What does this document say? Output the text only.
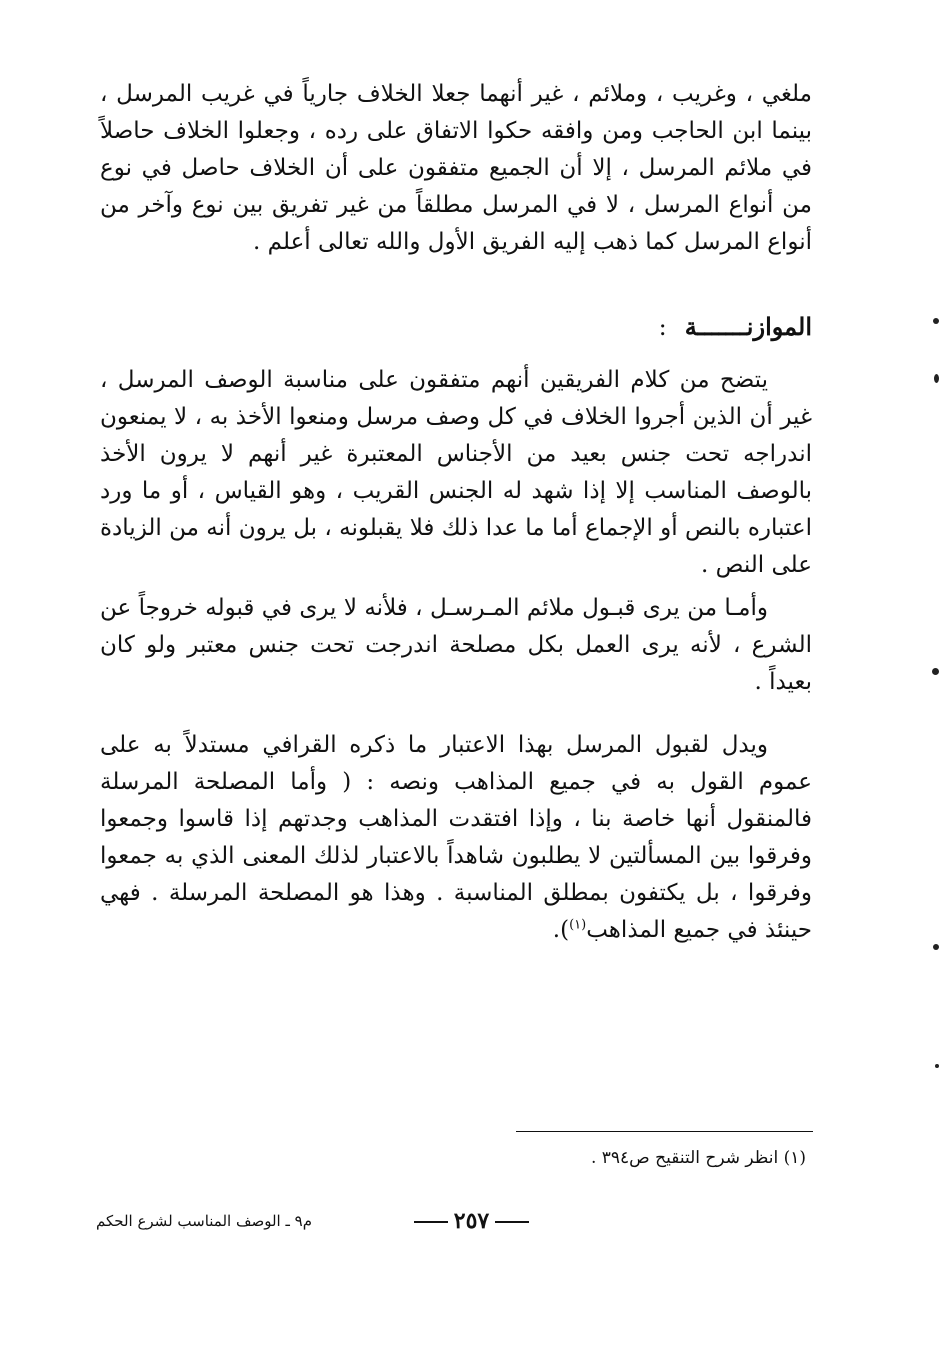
ملغي ، وغريب ، وملائم ، غير أنهما جعلا الخلاف جارياً في غريب المرسل ، بينما ابن الحاجب ومن وافقه حكوا الاتفاق على رده ، وجعلوا الخلاف حاصلاً في ملائم المرسل ، إلا أن الجميع متفقون على أن الخلاف حاصل في نوع من أنواع المرسل ، لا في المرسل مطلقاً من غير تفريق بين نوع وآخر من أنواع المرسل كما ذهب إليه الفريق الأول والله تعالى أعلم .

الموازنـــــــة:

يتضح من كلام الفريقين أنهم متفقون على مناسبة الوصف المرسل ، غير أن الذين أجروا الخلاف في كل وصف مرسل ومنعوا الأخذ به ، لا يمنعون اندراجه تحت جنس بعيد من الأجناس المعتبرة غير أنهم لا يرون الأخذ بالوصف المناسب إلا إذا شهد له الجنس القريب ، وهو القياس ، أو ما ورد اعتباره بالنص أو الإجماع أما ما عدا ذلك فلا يقبلونه ، بل يرون أنه من الزيادة على النص .

وأمـا من يرى قبـول ملائم المـرسـل ، فلأنه لا يرى في قبوله خروجاً عن الشرع ، لأنه يرى العمل بكل مصلحة اندرجت تحت جنس معتبر ولو كان بعيداً .

ويدل لقبول المرسل بهذا الاعتبار ما ذكره القرافي مستدلاً به على عموم القول به في جميع المذاهب ونصه : ( وأما المصلحة المرسلة فالمنقول أنها خاصة بنا ، وإذا افتقدت المذاهب وجدتهم إذا قاسوا وجمعوا وفرقوا بين المسألتين لا يطلبون شاهداً بالاعتبار لذلك المعنى الذي به جمعوا وفرقوا ، بل يكتفون بمطلق المناسبة . وهذا هو المصلحة المرسلة . فهي حينئذ في جميع المذاهب$^{(١)}$).

(١) انظر شرح التنقيح ص٣٩٤ .
٢٥٧
م٩ ـ الوصف المناسب لشرع الحكم
